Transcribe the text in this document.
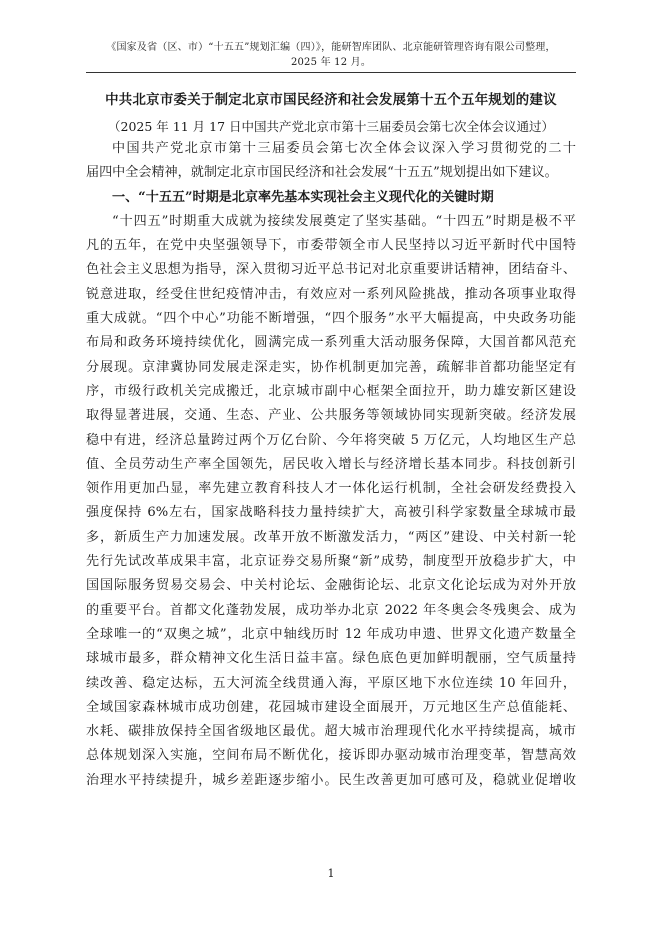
《国家及省（区、市）“十五五”规划汇编（四）》，能研智库团队、北京能研管理咨询有限公司整理，
2025 年 12 月。
中共北京市委关于制定北京市国民经济和社会发展第十五个五年规划的建议
（2025 年 11 月 17 日中国共产党北京市第十三届委员会第七次全体会议通过）
中国共产党北京市第十三届委员会第七次全体会议深入学习贯彻党的二十
届四中全会精神，就制定北京市国民经济和社会发展“十五五”规划提出如下建议。
一、“十五五”时期是北京率先基本实现社会主义现代化的关键时期
“十四五”时期重大成就为接续发展奠定了坚实基础。“十四五”时期是极不平
凡的五年，在党中央坚强领导下，市委带领全市人民坚持以习近平新时代中国特
色社会主义思想为指导，深入贯彻习近平总书记对北京重要讲话精神，团结奋斗、
锐意进取，经受住世纪疫情冲击，有效应对一系列风险挑战，推动各项事业取得
重大成就。“四个中心”功能不断增强，“四个服务”水平大幅提高，中央政务功能
布局和政务环境持续优化，圆满完成一系列重大活动服务保障，大国首都风范充
分展现。京津冀协同发展走深走实，协作机制更加完善，疏解非首都功能坚定有
序，市级行政机关完成搬迁，北京城市副中心框架全面拉开，助力雄安新区建设
取得显著进展，交通、生态、产业、公共服务等领域协同实现新突破。经济发展
稳中有进，经济总量跨过两个万亿台阶、今年将突破 5 万亿元，人均地区生产总
值、全员劳动生产率全国领先，居民收入增长与经济增长基本同步。科技创新引
领作用更加凸显，率先建立教育科技人才一体化运行机制，全社会研发经费投入
强度保持 6%左右，国家战略科技力量持续扩大，高被引科学家数量全球城市最
多，新质生产力加速发展。改革开放不断激发活力，“两区”建设、中关村新一轮
先行先试改革成果丰富，北京证券交易所聚“新”成势，制度型开放稳步扩大，中
国国际服务贸易交易会、中关村论坛、金融街论坛、北京文化论坛成为对外开放
的重要平台。首都文化蓬勃发展，成功举办北京 2022 年冬奥会冬残奥会、成为
全球唯一的“双奥之城”，北京中轴线历时 12 年成功申遗、世界文化遗产数量全
球城市最多，群众精神文化生活日益丰富。绿色底色更加鲜明靓丽，空气质量持
续改善、稳定达标，五大河流全线贯通入海，平原区地下水位连续 10 年回升，
全域国家森林城市成功创建，花园城市建设全面展开，万元地区生产总值能耗、
水耗、碳排放保持全国省级地区最优。超大城市治理现代化水平持续提高，城市
总体规划深入实施，空间布局不断优化，接诉即办驱动城市治理变革，智慧高效
治理水平持续提升，城乡差距逐步缩小。民生改善更加可感可及，稳就业促增收
1
